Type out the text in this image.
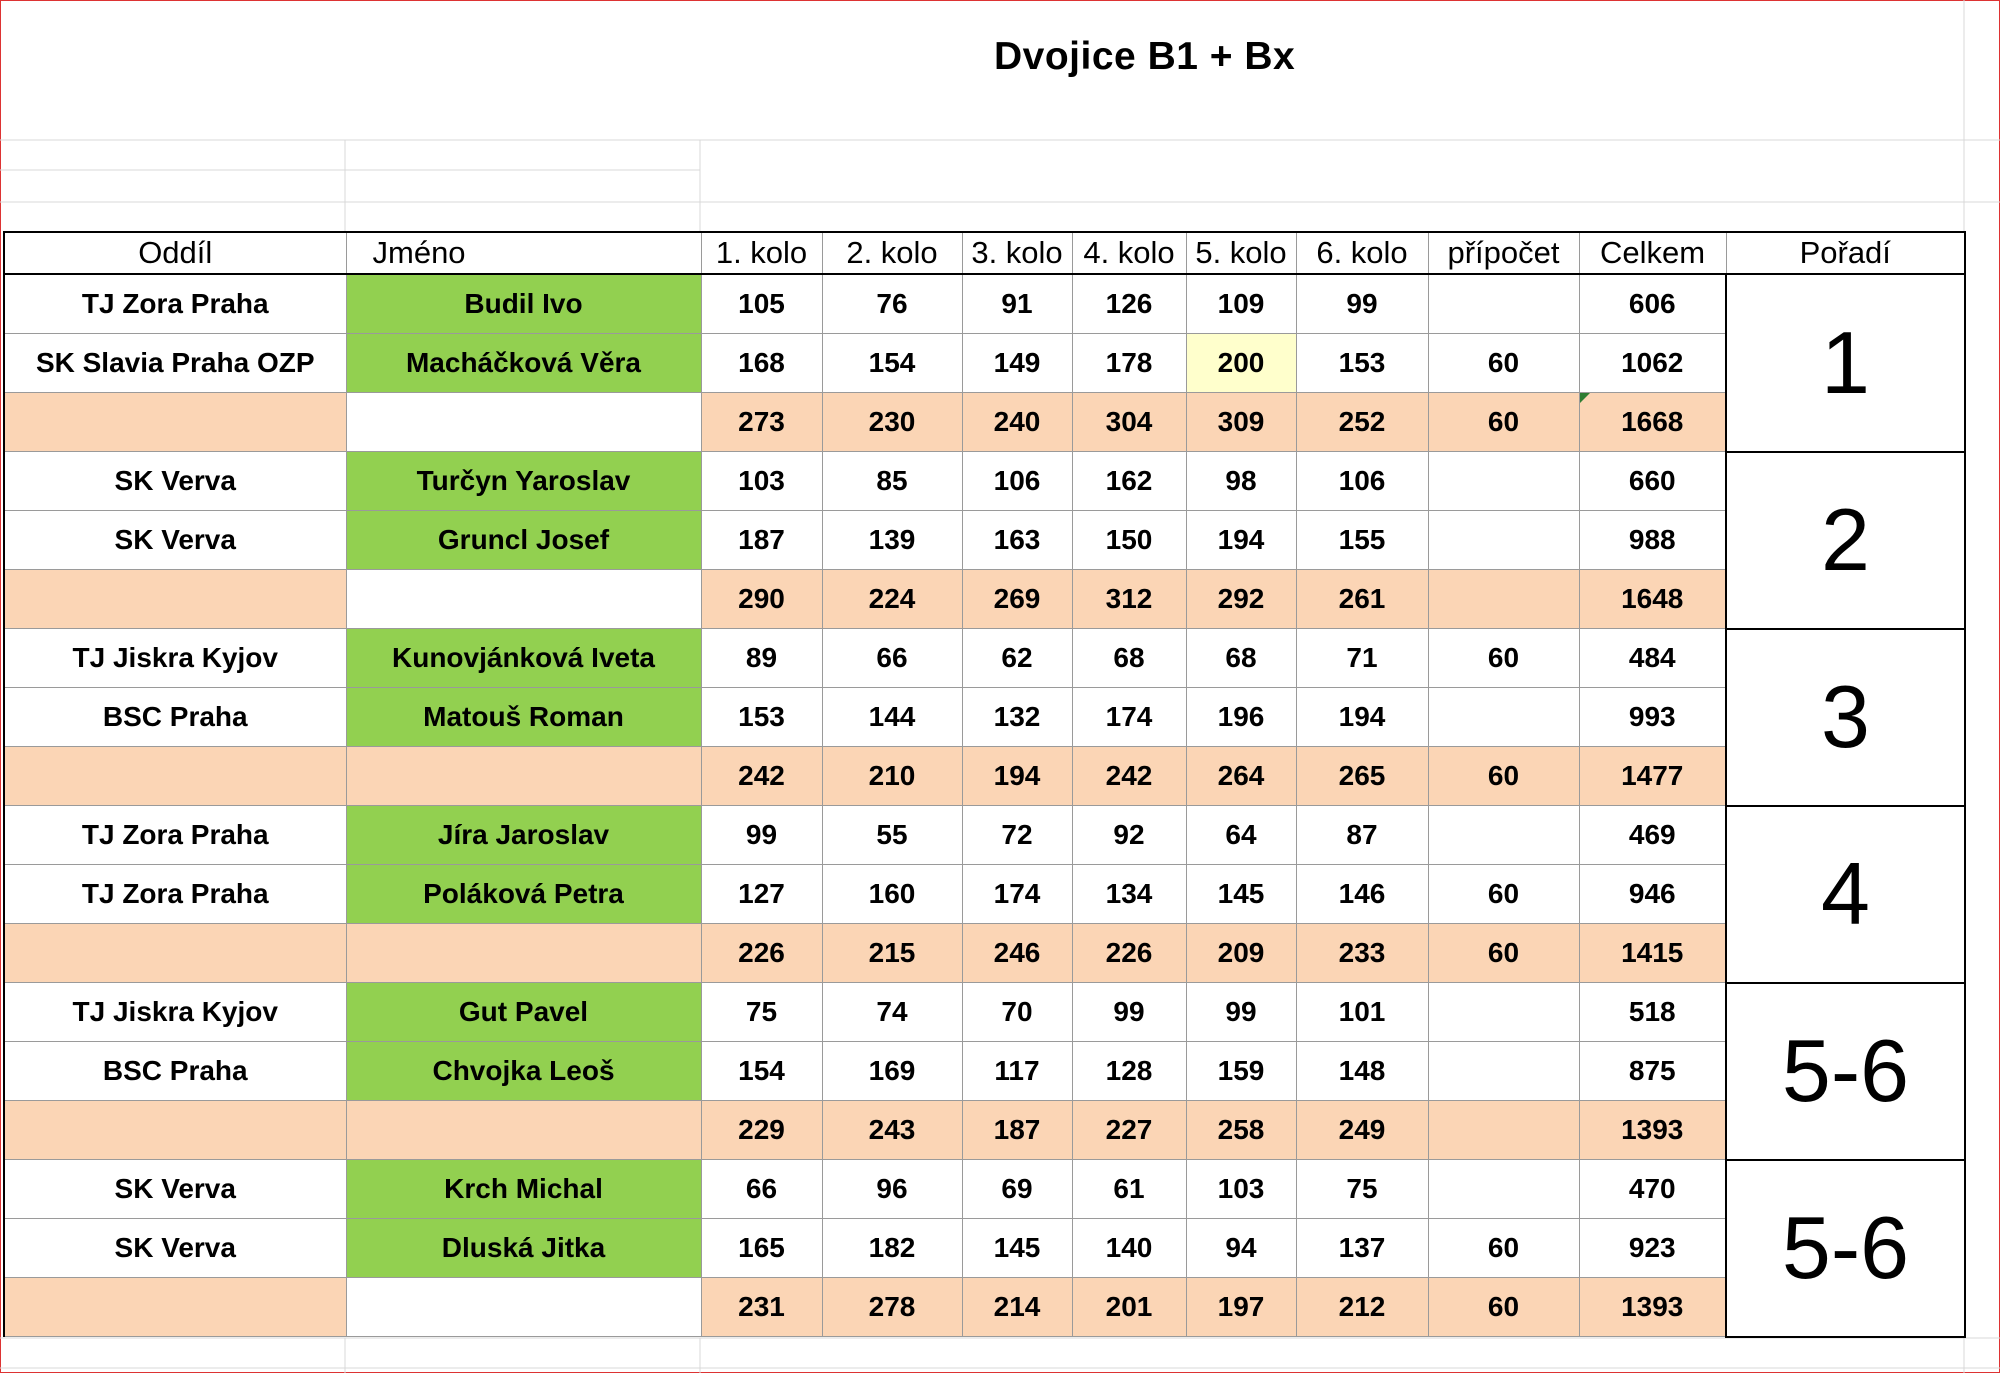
Dvojice B1 + Bx
Oddíl	Jméno	1. kolo	2. kolo	3. kolo	4. kolo	5. kolo	6. kolo	přípočet	Celkem	Pořadí
TJ Zora Praha	Budil Ivo	105	76	91	126	109	99		606	1
SK Slavia Praha OZP	Macháčková Věra	168	154	149	178	200	153	60	1062	
		273	230	240	304	309	252	60	1668	
SK Verva	Turčyn Yaroslav	103	85	106	162	98	106		660	2
SK Verva	Gruncl Josef	187	139	163	150	194	155		988	
		290	224	269	312	292	261		1648	
TJ Jiskra Kyjov	Kunovjánková Iveta	89	66	62	68	68	71	60	484	3
BSC Praha	Matouš Roman	153	144	132	174	196	194		993	
		242	210	194	242	264	265	60	1477	
TJ Zora Praha	Jíra Jaroslav	99	55	72	92	64	87		469	4
TJ Zora Praha	Poláková Petra	127	160	174	134	145	146	60	946	
		226	215	246	226	209	233	60	1415	
TJ Jiskra Kyjov	Gut Pavel	75	74	70	99	99	101		518	5-6
BSC Praha	Chvojka Leoš	154	169	117	128	159	148		875	
		229	243	187	227	258	249		1393	
SK Verva	Krch Michal	66	96	69	61	103	75		470	5-6
SK Verva	Dluská Jitka	165	182	145	140	94	137	60	923	
		231	278	214	201	197	212	60	1393	
